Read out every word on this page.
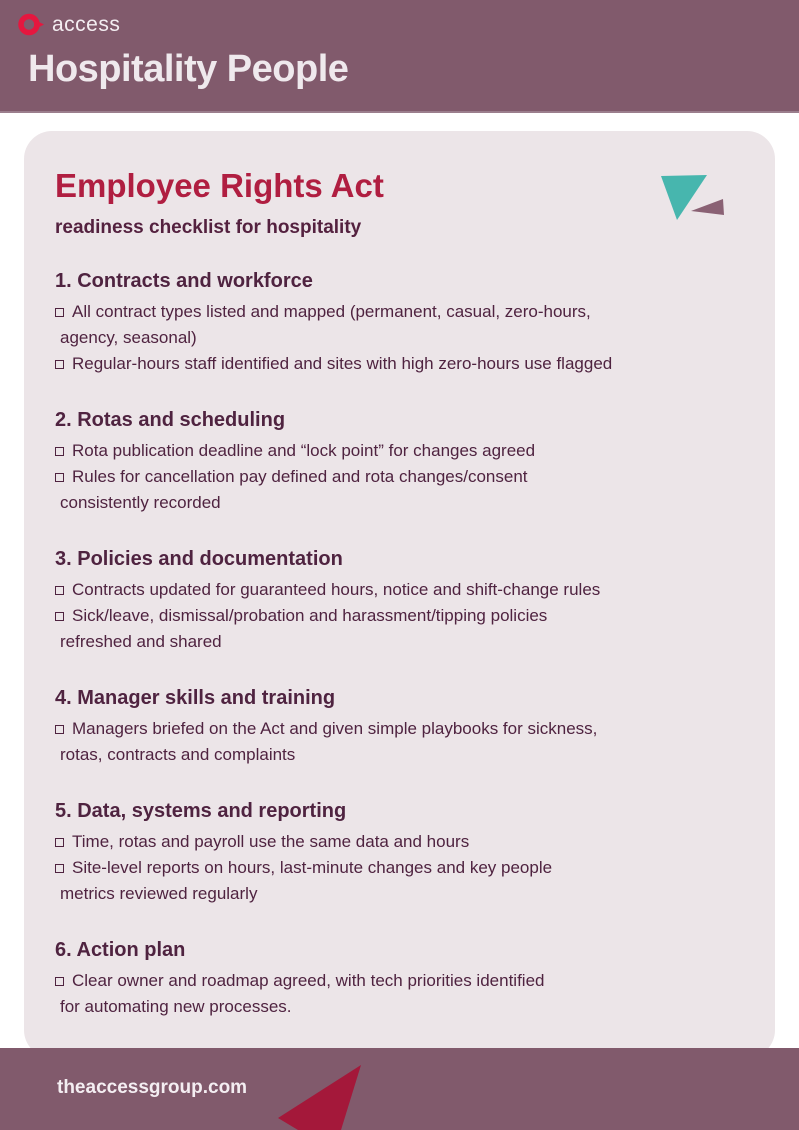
access
Hospitality People
Employee Rights Act
readiness checklist for hospitality
1. Contracts and workforce
All contract types listed and mapped (permanent, casual, zero-hours,
agency, seasonal)
Regular-hours staff identified and sites with high zero-hours use flagged
2. Rotas and scheduling
Rota publication deadline and “lock point” for changes agreed
Rules for cancellation pay defined and rota changes/consent
consistently recorded
3. Policies and documentation
Contracts updated for guaranteed hours, notice and shift-change rules
Sick/leave, dismissal/probation and harassment/tipping policies
refreshed and shared
4. Manager skills and training
Managers briefed on the Act and given simple playbooks for sickness,
rotas, contracts and complaints
5. Data, systems and reporting
Time, rotas and payroll use the same data and hours
Site-level reports on hours, last-minute changes and key people
metrics reviewed regularly
6. Action plan
Clear owner and roadmap agreed, with tech priorities identified
for automating new processes.
theaccessgroup.com
